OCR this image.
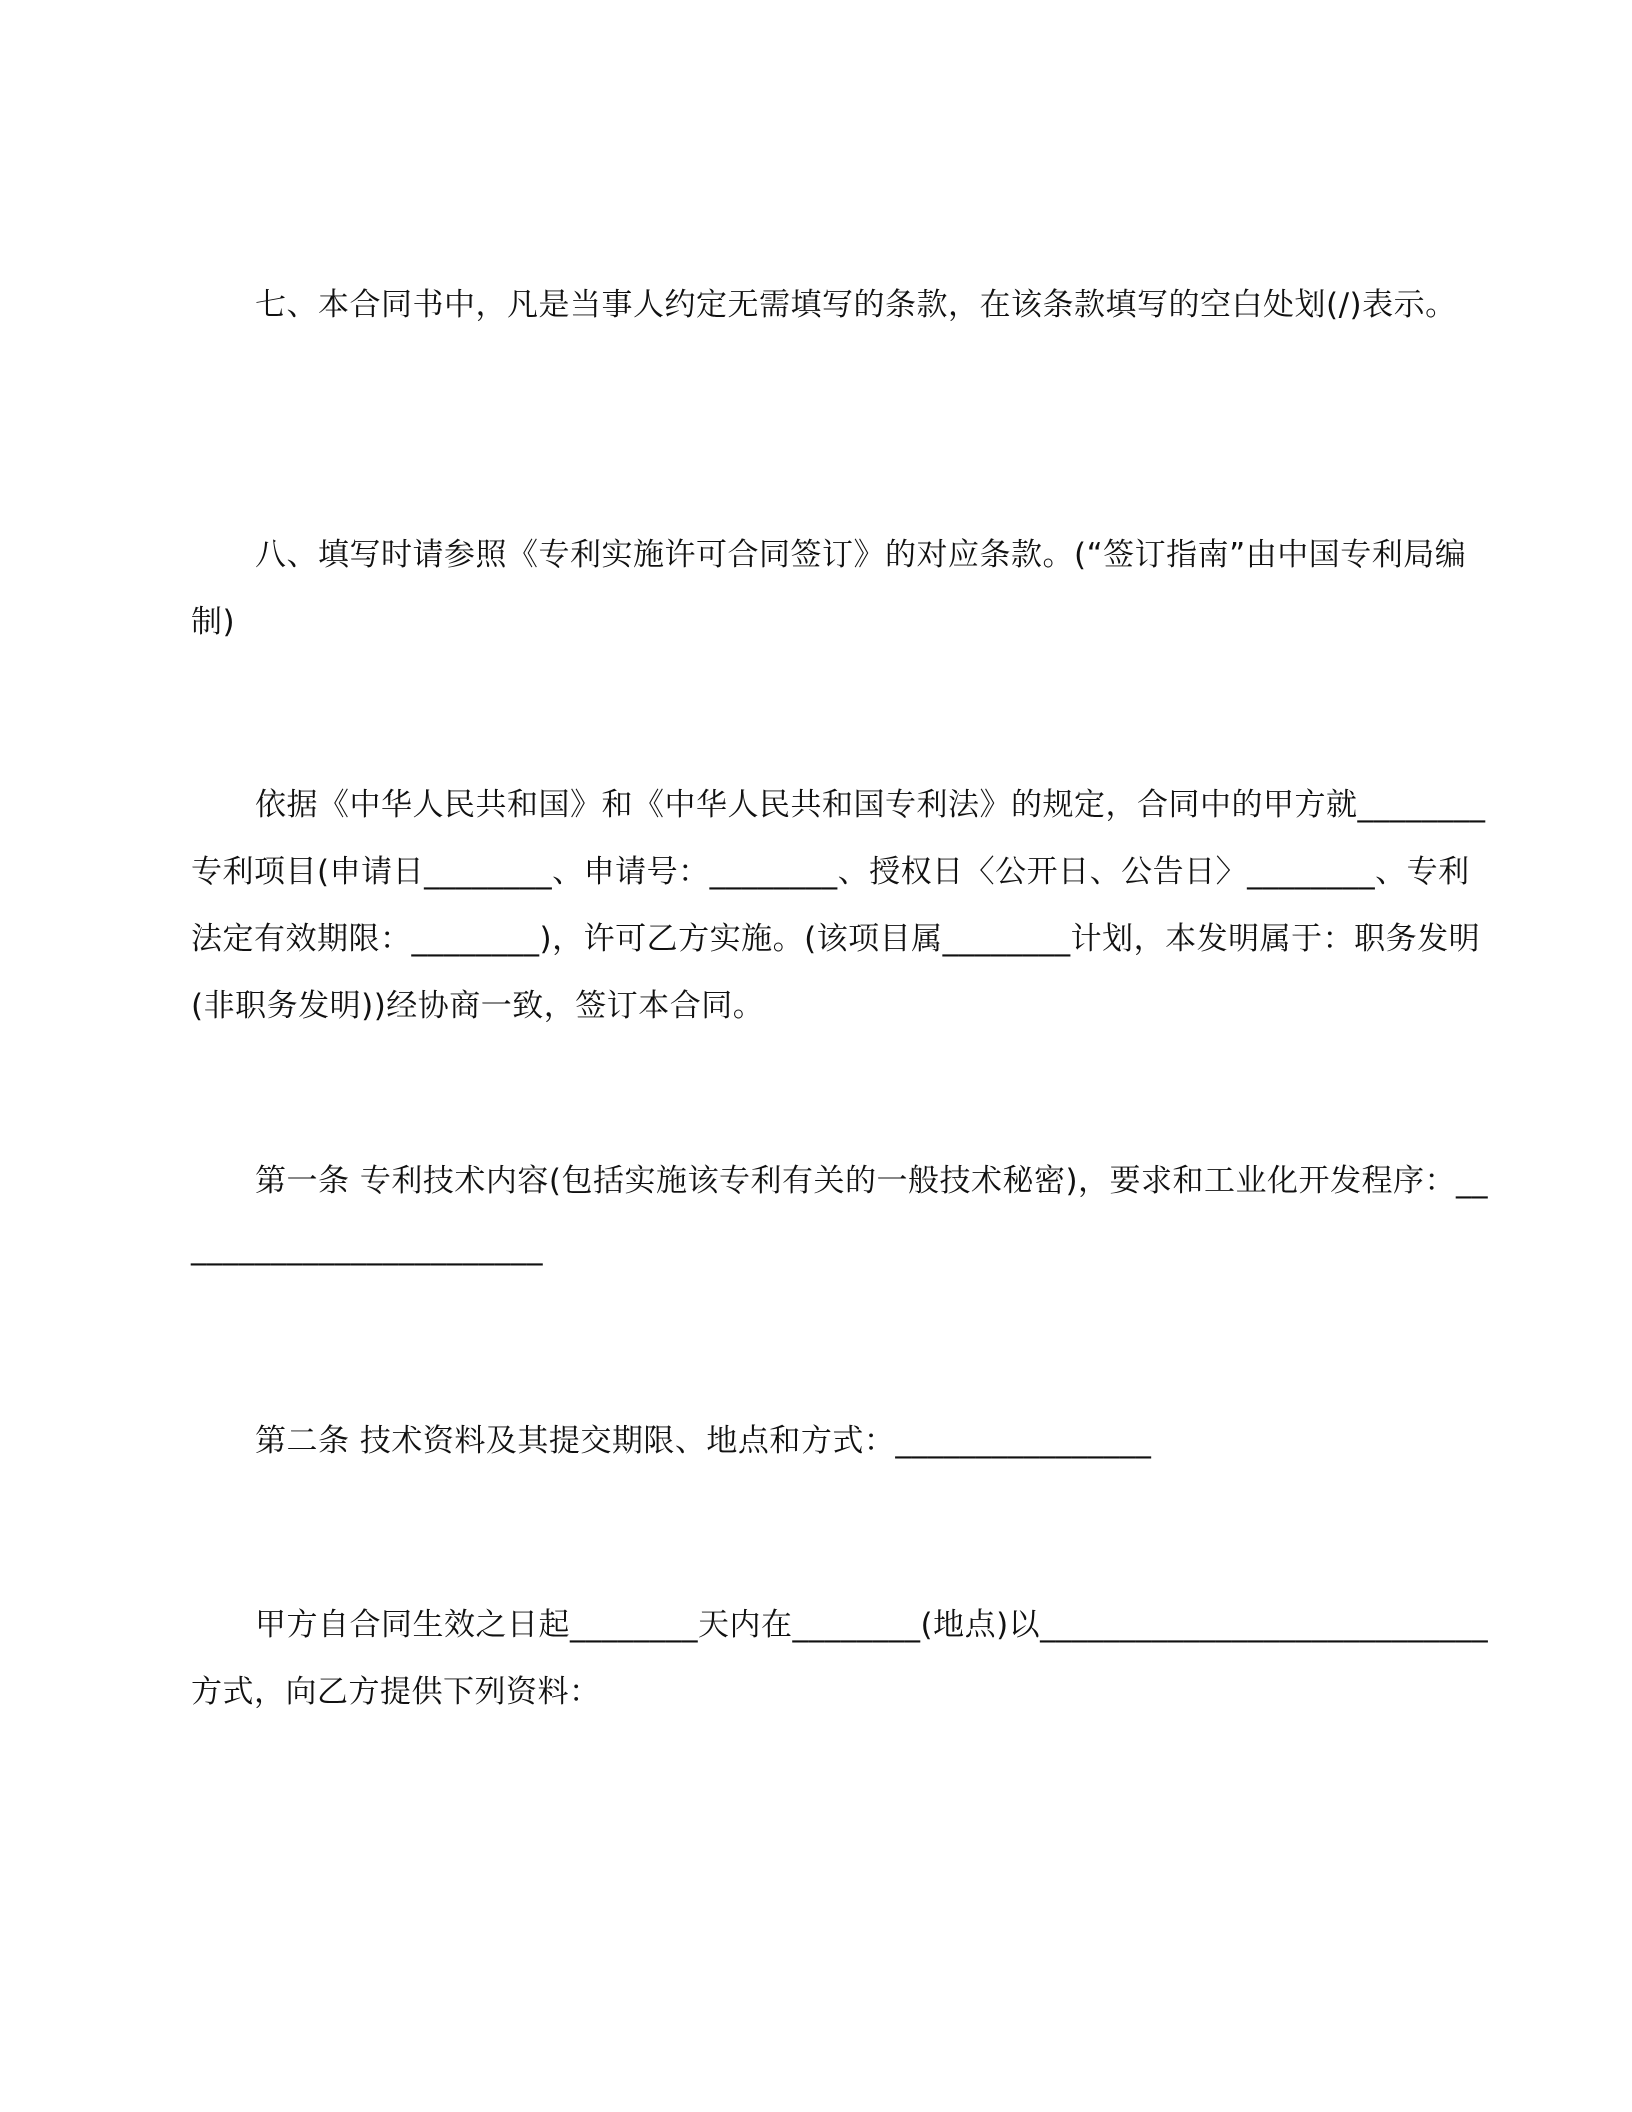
七、本合同书中，凡是当事人约定无需填写的条款，在该条款填写的空白处划(/)表示。

八、填写时请参照《专利实施许可合同签订》的对应条款。(“签订指南”由中国专利局编制)

依据《中华人民共和国》和《中华人民共和国专利法》的规定，合同中的甲方就________专利项目(申请日________、申请号：________、授权日〈公开日、公告日〉________、专利法定有效期限：________)，许可乙方实施。(该项目属________计划，本发明属于：职务发明(非职务发明))经协商一致，签订本合同。

第一条 专利技术内容(包括实施该专利有关的一般技术秘密)，要求和工业化开发程序：________________________

第二条 技术资料及其提交期限、地点和方式：________________

甲方自合同生效之日起________天内在________(地点)以____________________________方式，向乙方提供下列资料：
